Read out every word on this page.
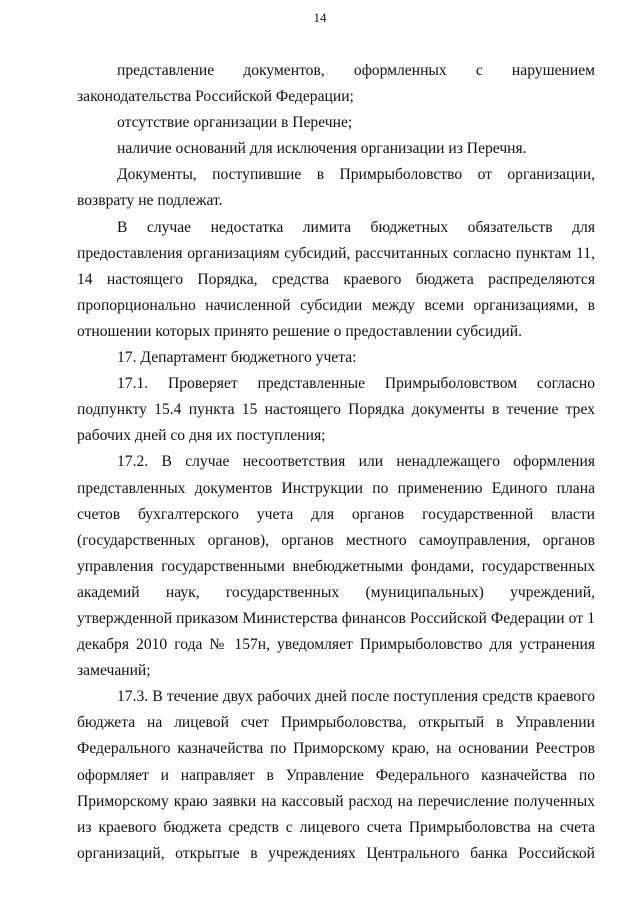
14

представление документов, оформленных с нарушением законодательства Российской Федерации;

отсутствие организации в Перечне;

наличие оснований для исключения организации из Перечня.

Документы, поступившие в Примрыболовство от организации, возврату не подлежат.

В случае недостатка лимита бюджетных обязательств для предоставления организациям субсидий, рассчитанных согласно пунктам 11, 14 настоящего Порядка, средства краевого бюджета распределяются пропорционально начисленной субсидии между всеми организациями, в отношении которых принято решение о предоставлении субсидий.

17. Департамент бюджетного учета:

17.1. Проверяет представленные Примрыболовством согласно подпункту 15.4 пункта 15 настоящего Порядка документы в течение трех рабочих дней со дня их поступления;

17.2. В случае несоответствия или ненадлежащего оформления представленных документов Инструкции по применению Единого плана счетов бухгалтерского учета для органов государственной власти (государственных органов), органов местного самоуправления, органов управления государственными внебюджетными фондами, государственных академий наук, государственных (муниципальных) учреждений, утвержденной приказом Министерства финансов Российской Федерации от 1 декабря 2010 года № 157н, уведомляет Примрыболовство для устранения замечаний;

17.3. В течение двух рабочих дней после поступления средств краевого бюджета на лицевой счет Примрыболовства, открытый в Управлении Федерального казначейства по Приморскому краю, на основании Реестров оформляет и направляет в Управление Федерального казначейства по Приморскому краю заявки на кассовый расход на перечисление полученных из краевого бюджета средств с лицевого счета Примрыболовства на счета организаций, открытые в учреждениях Центрального банка Российской
